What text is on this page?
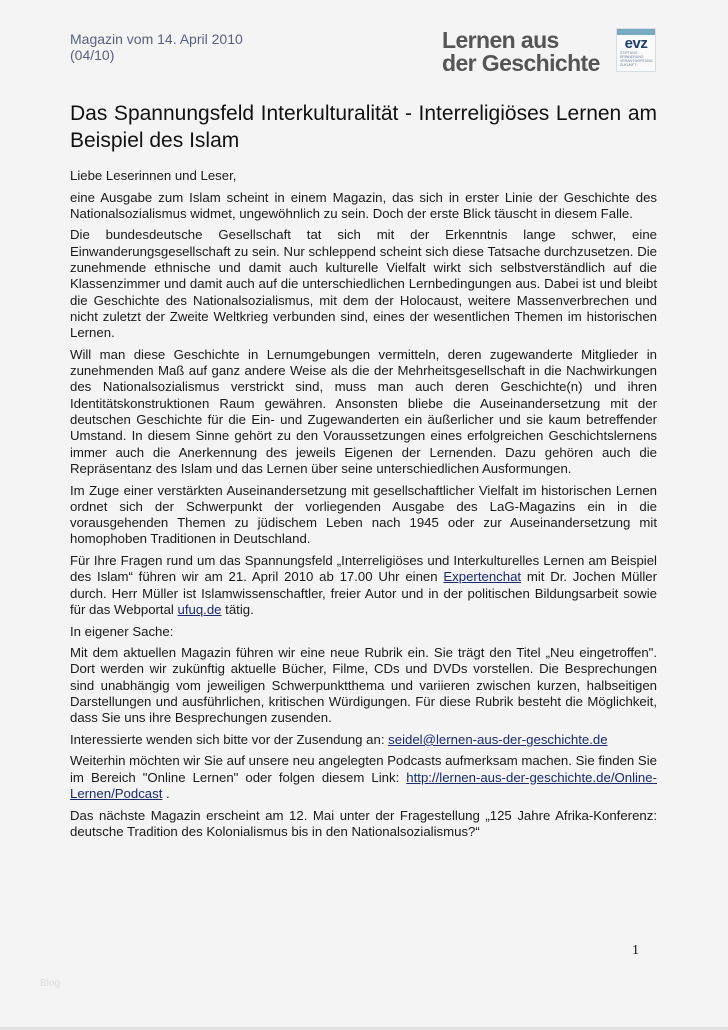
Magazin vom 14. April 2010
(04/10)
Lernen aus
der Geschichte
evz
STIFTUNG ERINNERUNG VERANTWORTUNG ZUKUNFT
Das Spannungsfeld Interkulturalität - Interreligiöses Lernen am Beispiel des Islam

Liebe Leserinnen und Leser,

eine Ausgabe zum Islam scheint in einem Magazin, das sich in erster Linie der Geschichte des Nationalsozialismus widmet, ungewöhnlich zu sein. Doch der erste Blick täuscht in diesem Falle.

Die bundesdeutsche Gesellschaft tat sich mit der Erkenntnis lange schwer, eine Einwanderungsgesellschaft zu sein. Nur schleppend scheint sich diese Tatsache durchzusetzen. Die zunehmende ethnische und damit auch kulturelle Vielfalt wirkt sich selbstverständlich auf die Klassenzimmer und damit auch auf die unterschiedlichen Lernbedingungen aus. Dabei ist und bleibt die Geschichte des Nationalsozialismus, mit dem der Holocaust, weitere Massenverbrechen und nicht zuletzt der Zweite Weltkrieg verbunden sind, eines der wesentlichen Themen im historischen Lernen.

Will man diese Geschichte in Lernumgebungen vermitteln, deren zugewanderte Mitglieder in zunehmenden Maß auf ganz andere Weise als die der Mehrheitsgesellschaft in die Nachwirkungen des Nationalsozialismus verstrickt sind, muss man auch deren Geschichte(n) und ihren Identitätskonstruktionen Raum gewähren. Ansonsten bliebe die Auseinandersetzung mit der deutschen Geschichte für die Ein- und Zugewanderten ein äußerlicher und sie kaum betreffender Umstand. In diesem Sinne gehört zu den Voraussetzungen eines erfolgreichen Geschichtslernens immer auch die Anerkennung des jeweils Eigenen der Lernenden. Dazu gehören auch die Repräsentanz des Islam und das Lernen über seine unterschiedlichen Ausformungen.

Im Zuge einer verstärkten Auseinandersetzung mit gesellschaftlicher Vielfalt im historischen Lernen ordnet sich der Schwerpunkt der vorliegenden Ausgabe des LaG-Magazins ein in die vorausgehenden Themen zu jüdischem Leben nach 1945 oder zur Auseinandersetzung mit homophoben Traditionen in Deutschland.

Für Ihre Fragen rund um das Spannungsfeld „Interreligiöses und Interkulturelles Lernen am Beispiel des Islam“ führen wir am 21. April 2010 ab 17.00 Uhr einen Expertenchat mit Dr. Jochen Müller durch. Herr Müller ist Islamwissenschaftler, freier Autor und in der politischen Bildungsarbeit sowie für das Webportal ufuq.de tätig.

In eigener Sache:

Mit dem aktuellen Magazin führen wir eine neue Rubrik ein. Sie trägt den Titel „Neu eingetroffen". Dort werden wir zukünftig aktuelle Bücher, Filme, CDs und DVDs vorstellen. Die Besprechungen sind unabhängig vom jeweiligen Schwerpunktthema und variieren zwischen kurzen, halbseitigen Darstellungen und ausführlichen, kritischen Würdigungen. Für diese Rubrik besteht die Möglichkeit, dass Sie uns ihre Besprechungen zusenden.

Interessierte wenden sich bitte vor der Zusendung an: seidel@lernen-aus-der-geschichte.de

Weiterhin möchten wir Sie auf unsere neu angelegten Podcasts aufmerksam machen. Sie finden Sie im Bereich "Online Lernen" oder folgen diesem Link: http://lernen-aus-der-geschichte.de/Online-Lernen/Podcast .

Das nächste Magazin erscheint am 12. Mai unter der Fragestellung „125 Jahre Afrika-Konferenz: deutsche Tradition des Kolonialismus bis in den Nationalsozialismus?“

1
Blog
